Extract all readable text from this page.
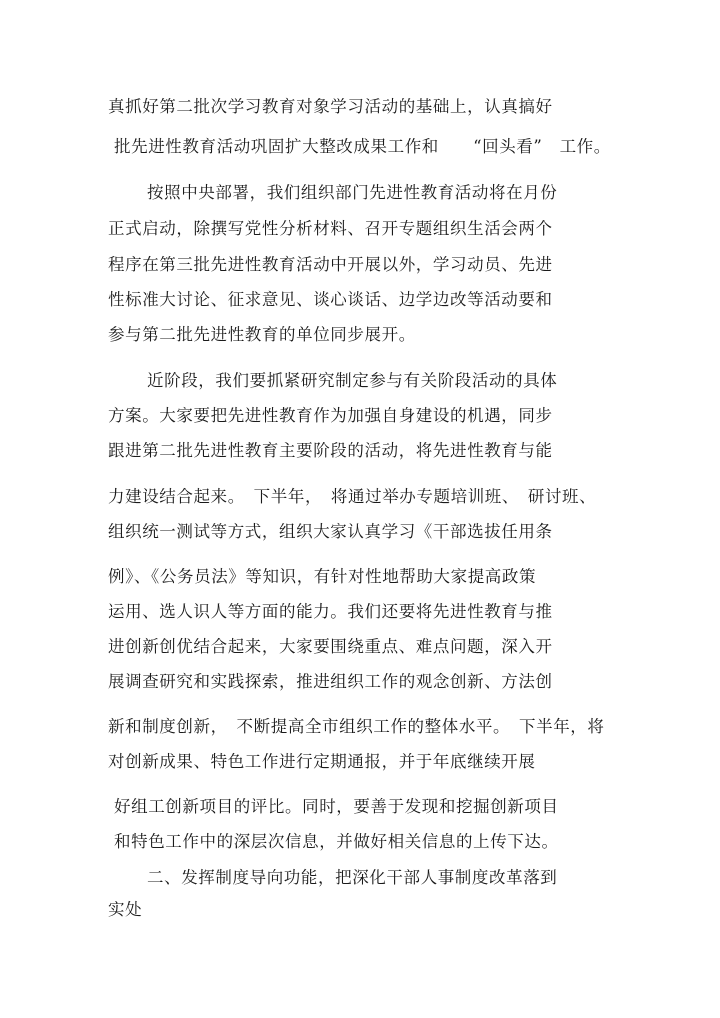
真抓好第二批次学习教育对象学习活动的基础上，认真搞好
批先进性教育活动巩固扩大整改成果工作和　　“回头看”　工作。
按照中央部署，我们组织部门先进性教育活动将在月份
正式启动，除撰写党性分析材料、召开专题组织生活会两个
程序在第三批先进性教育活动中开展以外，学习动员、先进
性标准大讨论、征求意见、谈心谈话、边学边改等活动要和
参与第二批先进性教育的单位同步展开。
近阶段，我们要抓紧研究制定参与有关阶段活动的具体
方案。大家要把先进性教育作为加强自身建设的机遇，同步
跟进第二批先进性教育主要阶段的活动，将先进性教育与能
力建设结合起来。　下半年，　将通过举办专题培训班、　研讨班、
组织统一测试等方式，组织大家认真学习《干部选拔任用条
例》、《公务员法》等知识，有针对性地帮助大家提高政策
运用、选人识人等方面的能力。我们还要将先进性教育与推
进创新创优结合起来，大家要围绕重点、难点问题，深入开
展调查研究和实践探索，推进组织工作的观念创新、方法创
新和制度创新，　不断提高全市组织工作的整体水平。　下半年，将
对创新成果、特色工作进行定期通报，并于年底继续开展
好组工创新项目的评比。同时，要善于发现和挖掘创新项目
和特色工作中的深层次信息，并做好相关信息的上传下达。
二、发挥制度导向功能，把深化干部人事制度改革落到
实处
